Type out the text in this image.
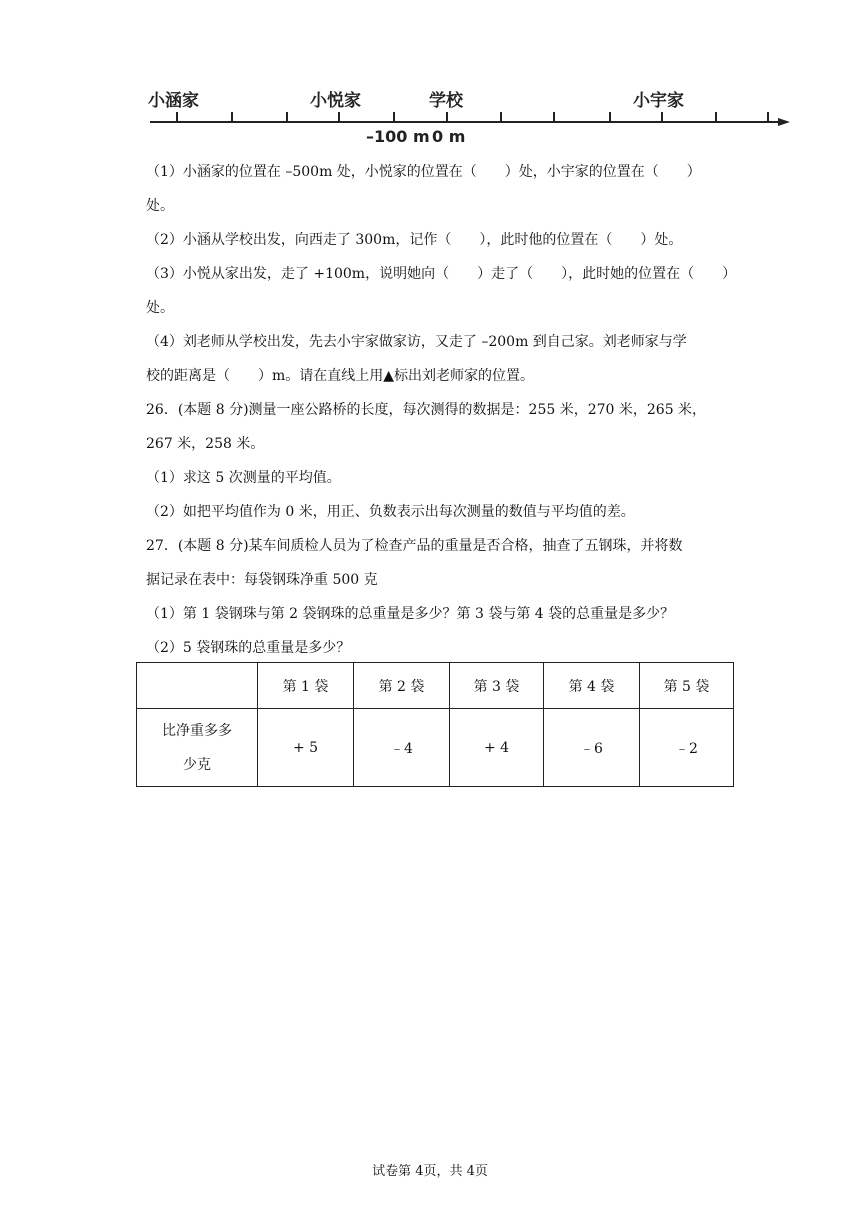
小涵家	小悦家	学校	小宇家
–100 m 0 m
（1）小涵家的位置在 –500m 处，小悦家的位置在（　　）处，小宇家的位置在（　　）
处。
（2）小涵从学校出发，向西走了 300m，记作（　　），此时他的位置在（　　）处。
（3）小悦从家出发，走了 +100m，说明她向（　　）走了（　　），此时她的位置在（　　）
处。
（4）刘老师从学校出发，先去小宇家做家访，又走了 –200m 到自己家。刘老师家与学
校的距离是（　　）m。请在直线上用▲标出刘老师家的位置。
26．(本题 8 分)测量一座公路桥的长度，每次测得的数据是：255 米，270 米，265 米，
267 米，258 米。
（1）求这 5 次测量的平均值。
（2）如把平均值作为 0 米，用正、负数表示出每次测量的数值与平均值的差。
27．(本题 8 分)某车间质检人员为了检查产品的重量是否合格，抽查了五钢珠，并将数
据记录在表中：每袋钢珠净重 500 克
（1）第 1 袋钢珠与第 2 袋钢珠的总重量是多少？第 3 袋与第 4 袋的总重量是多少？
（2）5 袋钢珠的总重量是多少？
	第 1 袋	第 2 袋	第 3 袋	第 4 袋	第 5 袋
比净重多多少克	+ 5	﹣4	+ 4	﹣6	﹣2
试卷第 4页，共 4页
